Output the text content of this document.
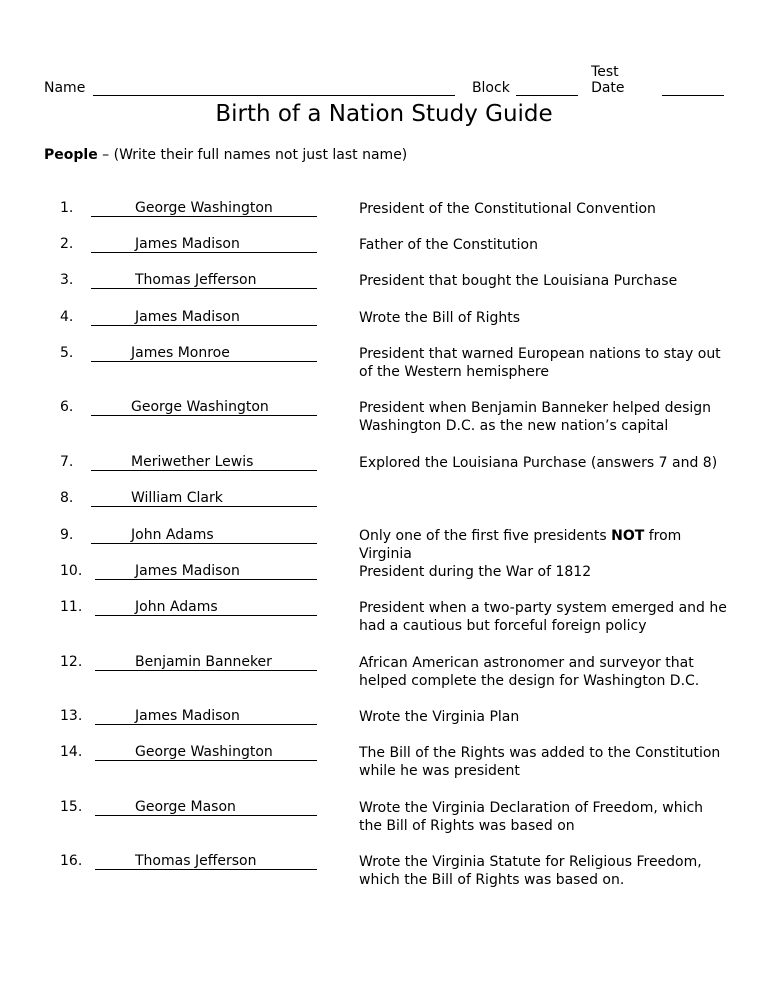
Name	Block
Test Date
Birth of a Nation Study Guide
People – (Write their full names not just last name)
1.	George Washington	President of the Constitutional Convention
2.	James Madison	Father of the Constitution
3.	Thomas Jefferson	President that bought the Louisiana Purchase
4.	James Madison	Wrote the Bill of Rights
5.	James Monroe	President that warned European nations to stay out of the Western hemisphere
6.	George Washington	President when Benjamin Banneker helped design Washington D.C. as the new nation’s capital
7.	Meriwether Lewis	Explored the Louisiana Purchase (answers 7 and 8)
8.	William Clark
9.	John Adams	Only one of the first five presidents NOT from Virginia
10.	James Madison	President during the War of 1812
11.	John Adams	President when a two-party system emerged and he had a cautious but forceful foreign policy
12.	Benjamin Banneker	African American astronomer and surveyor that helped complete the design for Washington D.C.
13.	James Madison	Wrote the Virginia Plan
14.	George Washington	The Bill of the Rights was added to the Constitution while he was president
15.	George Mason	Wrote the Virginia Declaration of Freedom, which the Bill of Rights was based on
16.	Thomas Jefferson	Wrote the Virginia Statute for Religious Freedom, which the Bill of Rights was based on.
